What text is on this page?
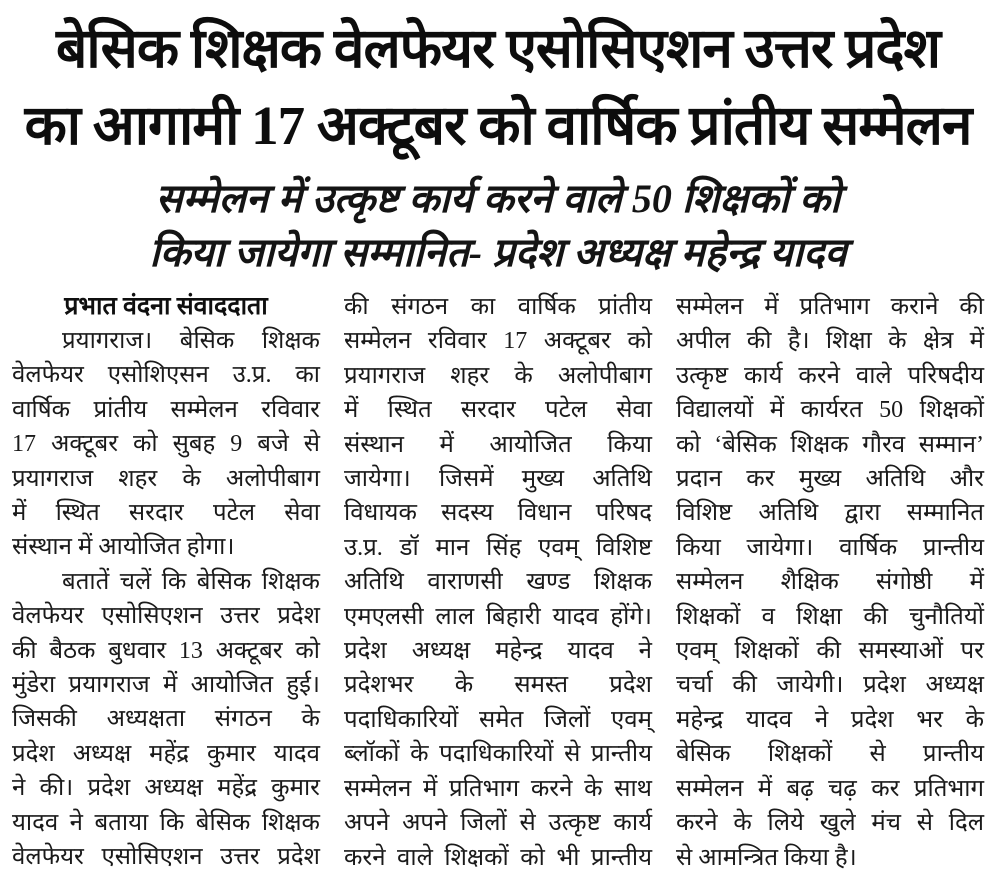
बेसिक शिक्षक वेलफेयर एसोसिएशन उत्तर प्रदेश
का आगामी 17 अक्टूबर को वार्षिक प्रांतीय सम्मेलन
सम्मेलन में उत्कृष्ट कार्य करने वाले 50 शिक्षकों को
किया जायेगा सम्मानित- प्रदेश अध्यक्ष महेन्द्र यादव
प्रभात वंदना संवाददाता
प्रयागराज। बेसिक शिक्षक
वेलफेयर एसोशिएसन उ.प्र. का
वार्षिक प्रांतीय सम्मेलन रविवार
17 अक्टूबर को सुबह 9 बजे से
प्रयागराज शहर के अलोपीबाग
में स्थित सरदार पटेल सेवा
संस्थान में आयोजित होगा।
बतातें चलें कि बेसिक शिक्षक
वेलफेयर एसोसिएशन उत्तर प्रदेश
की बैठक बुधवार 13 अक्टूबर को
मुंडेरा प्रयागराज में आयोजित हुई।
जिसकी अध्यक्षता संगठन के
प्रदेश अध्यक्ष महेंद्र कुमार यादव
ने की। प्रदेश अध्यक्ष महेंद्र कुमार
यादव ने बताया कि बेसिक शिक्षक
वेलफेयर एसोसिएशन उत्तर प्रदेश
की संगठन का वार्षिक प्रांतीय
सम्मेलन रविवार 17 अक्टूबर को
प्रयागराज शहर के अलोपीबाग
में स्थित सरदार पटेल सेवा
संस्थान में आयोजित किया
जायेगा। जिसमें मुख्य अतिथि
विधायक सदस्य विधान परिषद
उ.प्र. डॉ मान सिंह एवम् विशिष्ट
अतिथि वाराणसी खण्ड शिक्षक
एमएलसी लाल बिहारी यादव होंगे।
प्रदेश अध्यक्ष महेन्द्र यादव ने
प्रदेशभर के समस्त प्रदेश
पदाधिकारियों समेत जिलों एवम्
ब्लॉकों के पदाधिकारियों से प्रान्तीय
सम्मेलन में प्रतिभाग करने के साथ
अपने अपने जिलों से उत्कृष्ट कार्य
करने वाले शिक्षकों को भी प्रान्तीय
सम्मेलन में प्रतिभाग कराने की
अपील की है। शिक्षा के क्षेत्र में
उत्कृष्ट कार्य करने वाले परिषदीय
विद्यालयों में कार्यरत 50 शिक्षकों
को ‘बेसिक शिक्षक गौरव सम्मान’
प्रदान कर मुख्य अतिथि और
विशिष्ट अतिथि द्वारा सम्मानित
किया जायेगा। वार्षिक प्रान्तीय
सम्मेलन शैक्षिक संगोष्ठी में
शिक्षकों व शिक्षा की चुनौतियों
एवम् शिक्षकों की समस्याओं पर
चर्चा की जायेगी। प्रदेश अध्यक्ष
महेन्द्र यादव ने प्रदेश भर के
बेसिक शिक्षकों से प्रान्तीय
सम्मेलन में बढ़ चढ़ कर प्रतिभाग
करने के लिये खुले मंच से दिल
से आमन्त्रित किया है।
